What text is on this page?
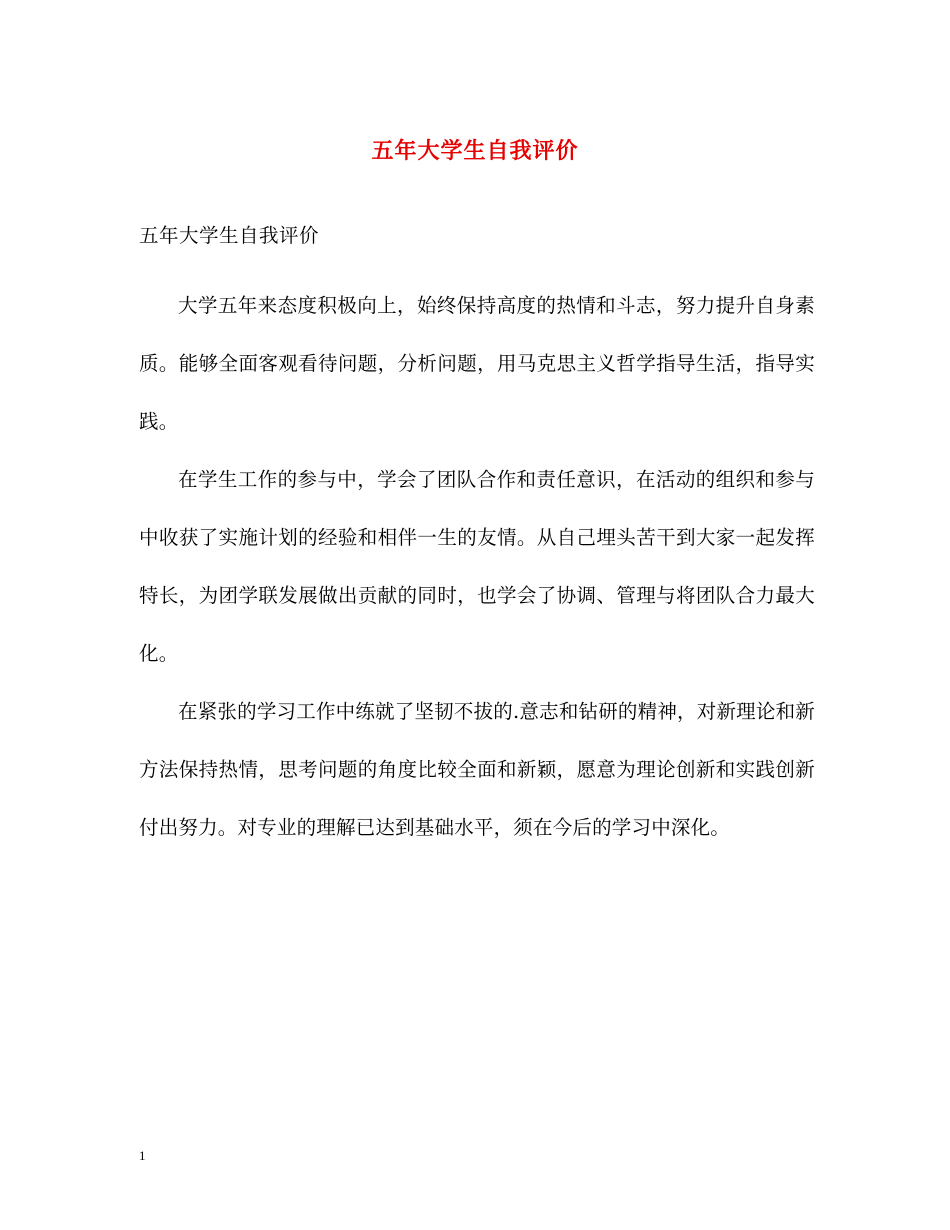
五年大学生自我评价

五年大学生自我评价

大学五年来态度积极向上，始终保持高度的热情和斗志，努力提升自身素质。能够全面客观看待问题，分析问题，用马克思主义哲学指导生活，指导实践。

在学生工作的参与中，学会了团队合作和责任意识，在活动的组织和参与中收获了实施计划的经验和相伴一生的友情。从自己埋头苦干到大家一起发挥特长，为团学联发展做出贡献的同时，也学会了协调、管理与将团队合力最大化。

在紧张的学习工作中练就了坚韧不拔的.意志和钻研的精神，对新理论和新方法保持热情，思考问题的角度比较全面和新颖，愿意为理论创新和实践创新付出努力。对专业的理解已达到基础水平，须在今后的学习中深化。

1
